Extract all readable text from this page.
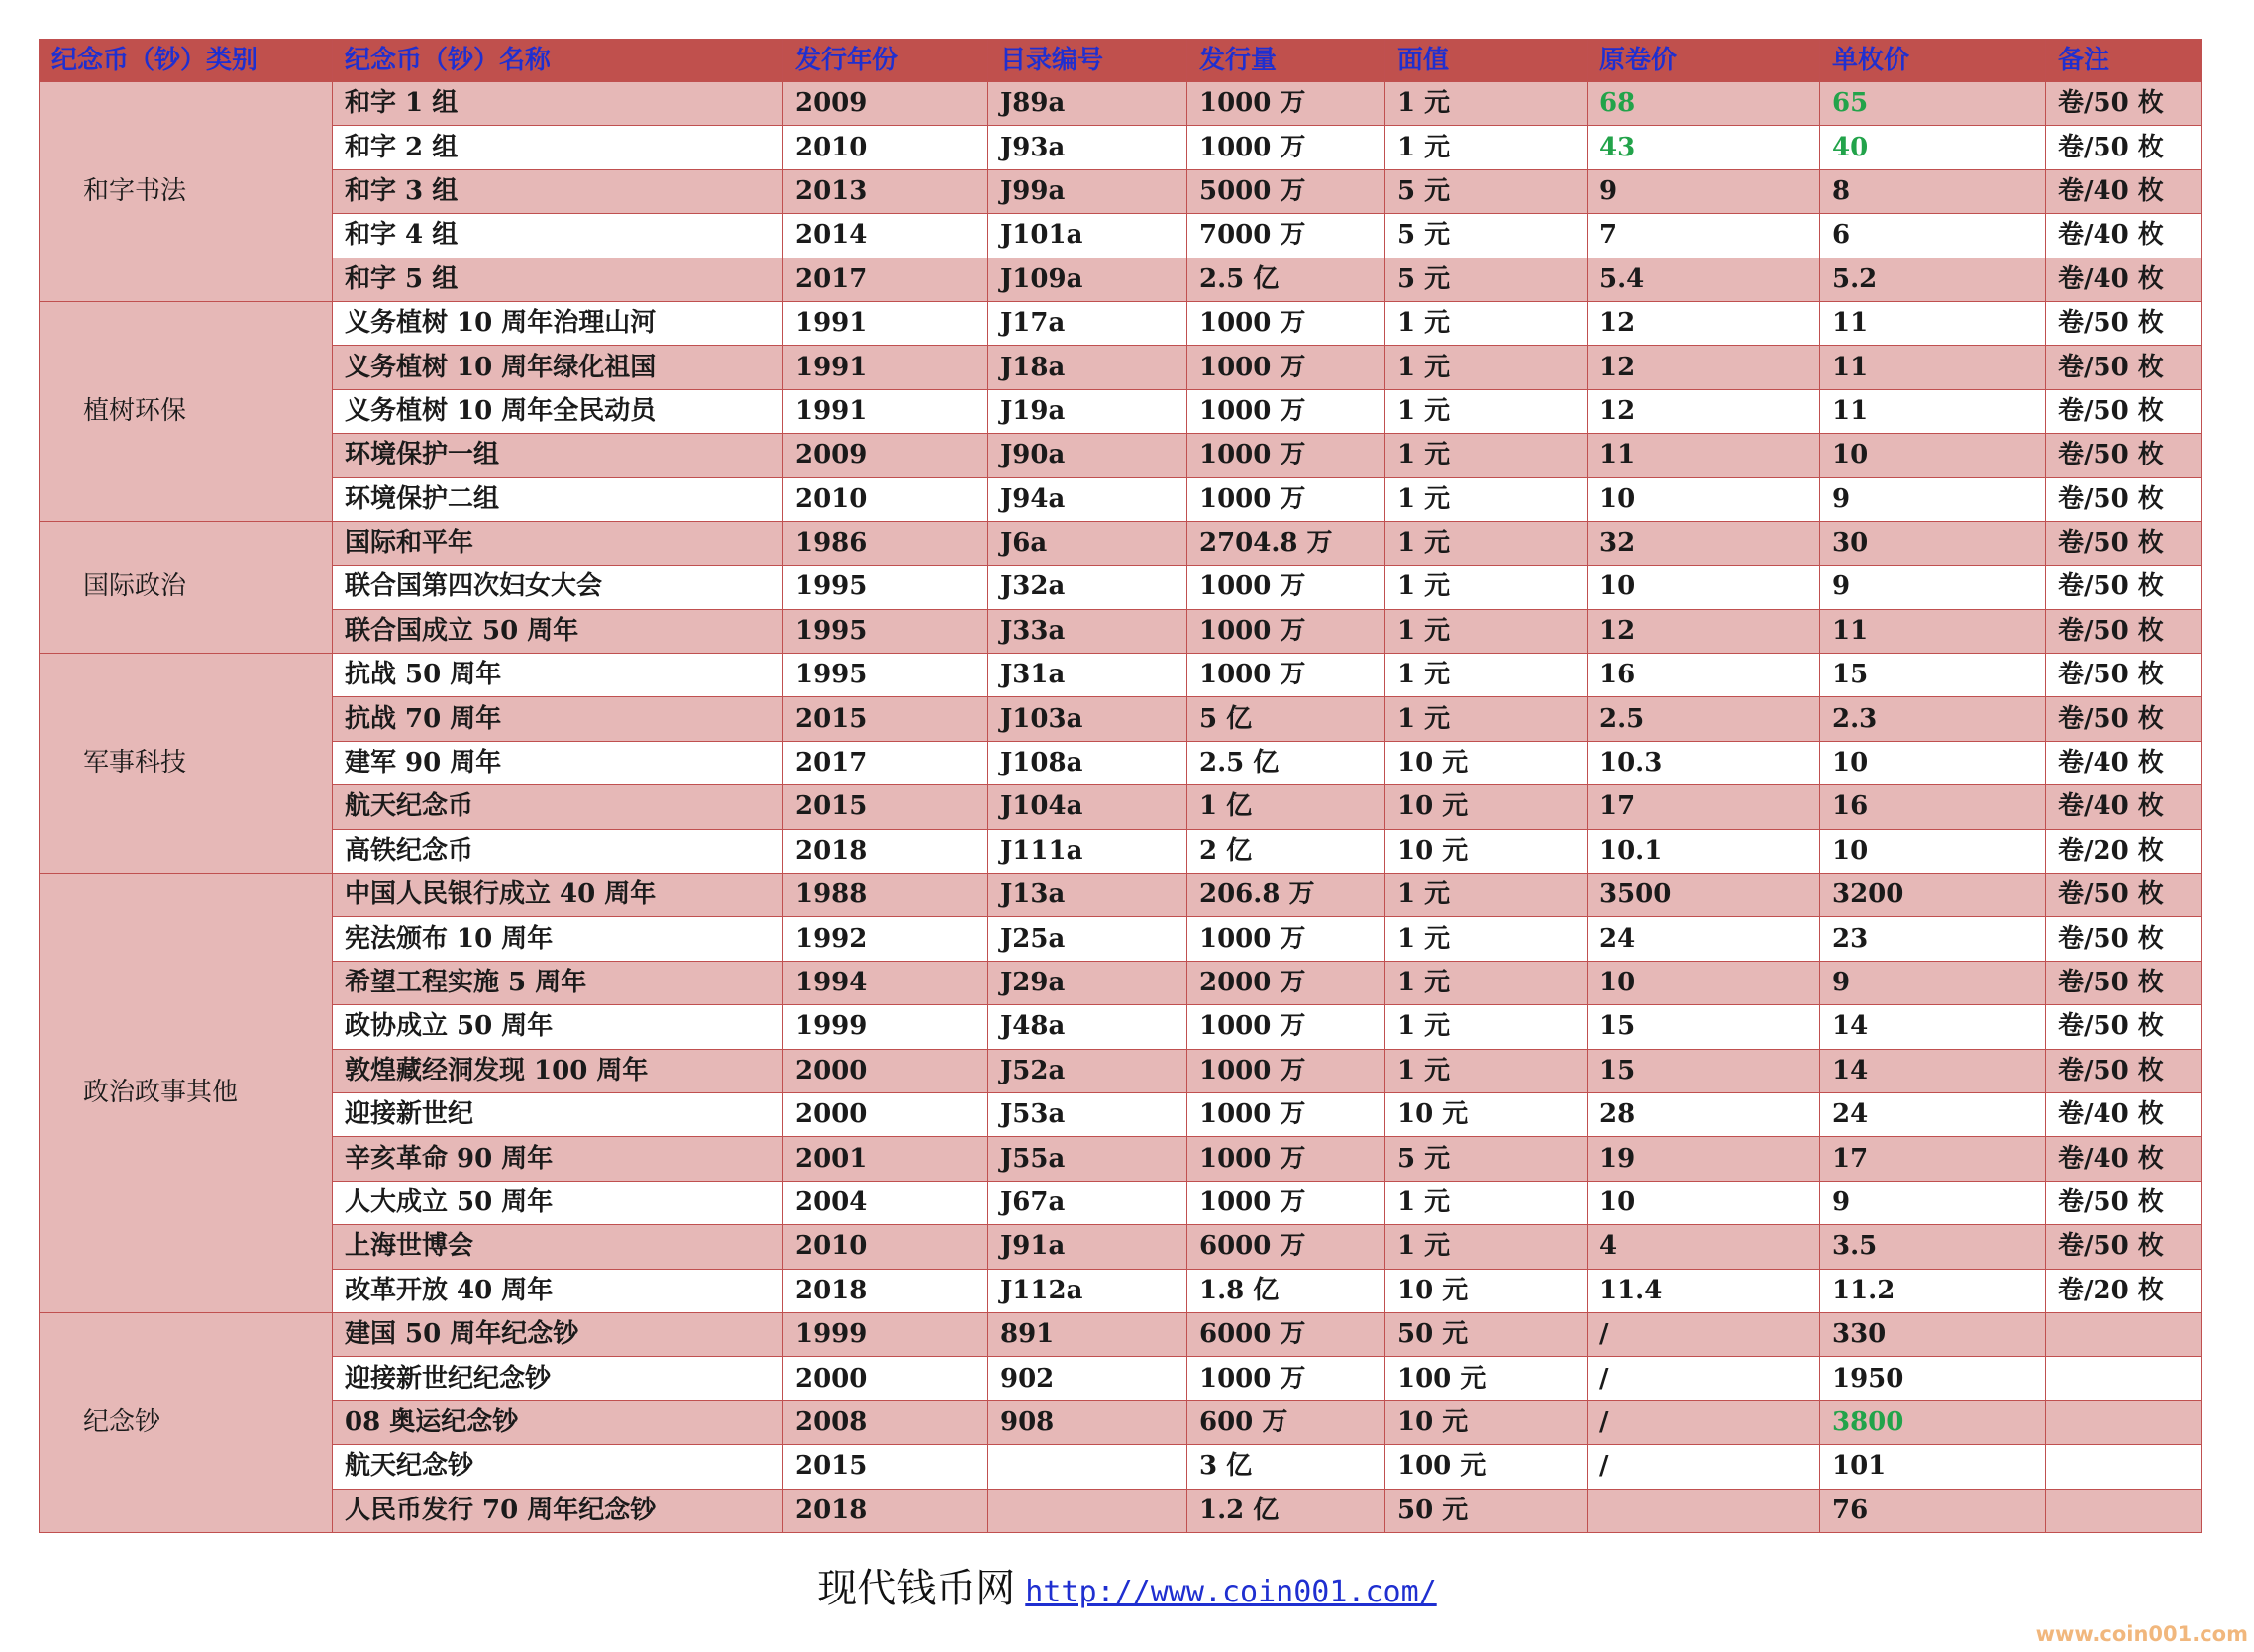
纪念币（钞）类别	纪念币（钞）名称	发行年份	目录编号	发行量	面值	原卷价	单枚价	备注
和字书法	和字 1 组	2009	J89a	1000 万	1 元	68	65	卷/50 枚
	和字 2 组	2010	J93a	1000 万	1 元	43	40	卷/50 枚
	和字 3 组	2013	J99a	5000 万	5 元	9	8	卷/40 枚
	和字 4 组	2014	J101a	7000 万	5 元	7	6	卷/40 枚
	和字 5 组	2017	J109a	2.5 亿	5 元	5.4	5.2	卷/40 枚
植树环保	义务植树 10 周年治理山河	1991	J17a	1000 万	1 元	12	11	卷/50 枚
	义务植树 10 周年绿化祖国	1991	J18a	1000 万	1 元	12	11	卷/50 枚
	义务植树 10 周年全民动员	1991	J19a	1000 万	1 元	12	11	卷/50 枚
	环境保护一组	2009	J90a	1000 万	1 元	11	10	卷/50 枚
	环境保护二组	2010	J94a	1000 万	1 元	10	9	卷/50 枚
国际政治	国际和平年	1986	J6a	2704.8 万	1 元	32	30	卷/50 枚
	联合国第四次妇女大会	1995	J32a	1000 万	1 元	10	9	卷/50 枚
	联合国成立 50 周年	1995	J33a	1000 万	1 元	12	11	卷/50 枚
军事科技	抗战 50 周年	1995	J31a	1000 万	1 元	16	15	卷/50 枚
	抗战 70 周年	2015	J103a	5 亿	1 元	2.5	2.3	卷/50 枚
	建军 90 周年	2017	J108a	2.5 亿	10 元	10.3	10	卷/40 枚
	航天纪念币	2015	J104a	1 亿	10 元	17	16	卷/40 枚
	高铁纪念币	2018	J111a	2 亿	10 元	10.1	10	卷/20 枚
政治政事其他	中国人民银行成立 40 周年	1988	J13a	206.8 万	1 元	3500	3200	卷/50 枚
	宪法颁布 10 周年	1992	J25a	1000 万	1 元	24	23	卷/50 枚
	希望工程实施 5 周年	1994	J29a	2000 万	1 元	10	9	卷/50 枚
	政协成立 50 周年	1999	J48a	1000 万	1 元	15	14	卷/50 枚
	敦煌藏经洞发现 100 周年	2000	J52a	1000 万	1 元	15	14	卷/50 枚
	迎接新世纪	2000	J53a	1000 万	10 元	28	24	卷/40 枚
	辛亥革命 90 周年	2001	J55a	1000 万	5 元	19	17	卷/40 枚
	人大成立 50 周年	2004	J67a	1000 万	1 元	10	9	卷/50 枚
	上海世博会	2010	J91a	6000 万	1 元	4	3.5	卷/50 枚
	改革开放 40 周年	2018	J112a	1.8 亿	10 元	11.4	11.2	卷/20 枚
纪念钞	建国 50 周年纪念钞	1999	891	6000 万	50 元	/	330	
	迎接新世纪纪念钞	2000	902	1000 万	100 元	/	1950	
	08 奥运纪念钞	2008	908	600 万	10 元	/	3800	
	航天纪念钞	2015		3 亿	100 元	/	101	
	人民币发行 70 周年纪念钞	2018		1.2 亿	50 元		76	
现代钱币网 http://www.coin001.com/
www.coin001.com
